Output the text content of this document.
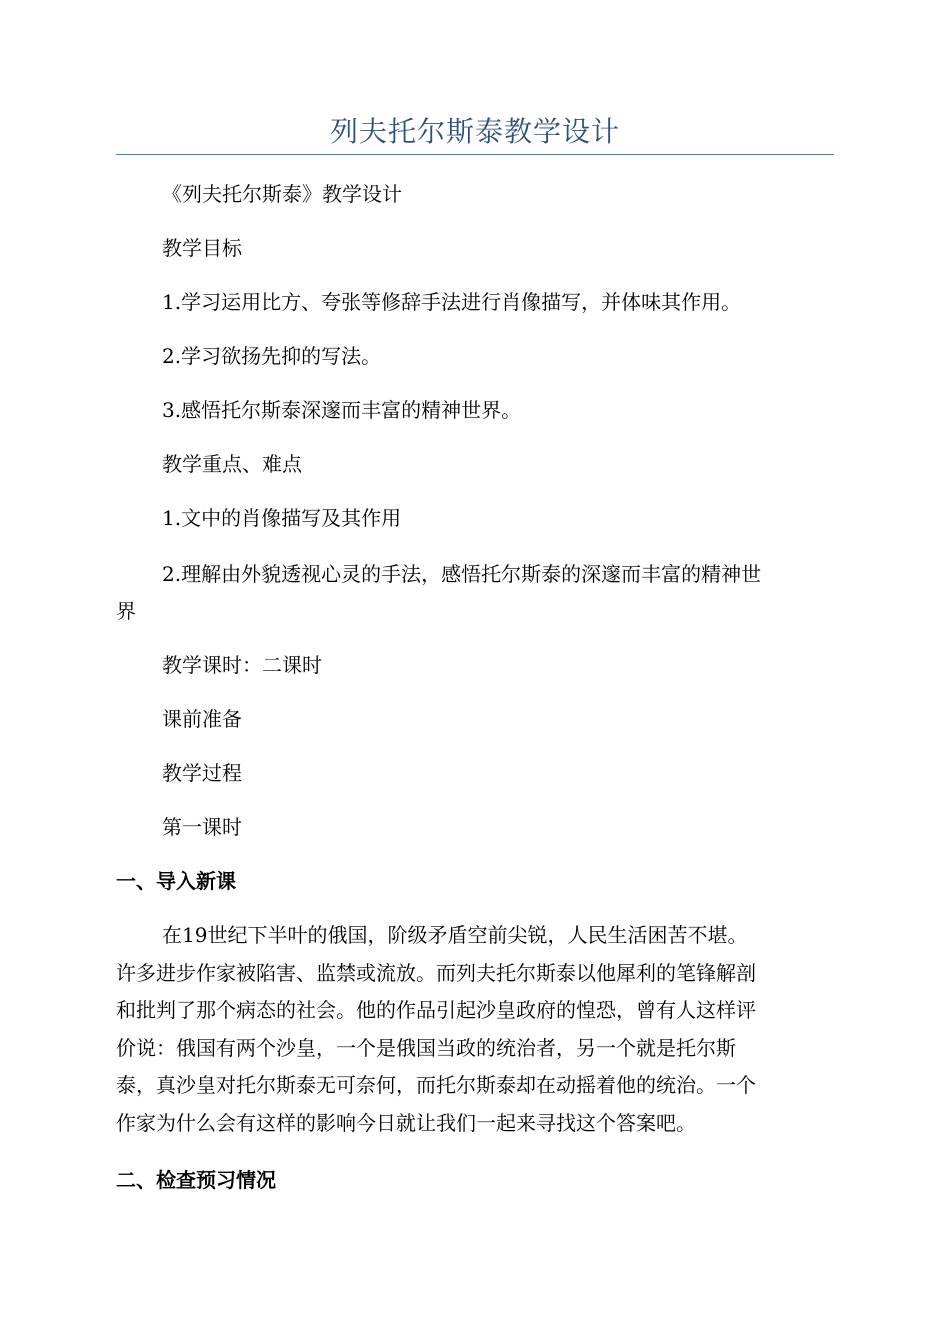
列夫托尔斯泰教学设计
《列夫托尔斯泰》教学设计
教学目标
1.学习运用比方、夸张等修辞手法进行肖像描写，并体味其作用。
2.学习欲扬先抑的写法。
3.感悟托尔斯泰深邃而丰富的精神世界。
教学重点、难点
1.文中的肖像描写及其作用
2.理解由外貌透视心灵的手法，感悟托尔斯泰的深邃而丰富的精神世
界
教学课时：二课时
课前准备
教学过程
第一课时
一、导入新课
在19世纪下半叶的俄国，阶级矛盾空前尖锐，人民生活困苦不堪。
许多进步作家被陷害、监禁或流放。而列夫托尔斯泰以他犀利的笔锋解剖
和批判了那个病态的社会。他的作品引起沙皇政府的惶恐，曾有人这样评
价说：俄国有两个沙皇，一个是俄国当政的统治者，另一个就是托尔斯
泰，真沙皇对托尔斯泰无可奈何，而托尔斯泰却在动摇着他的统治。一个
作家为什么会有这样的影响今日就让我们一起来寻找这个答案吧。
二、检查预习情况
